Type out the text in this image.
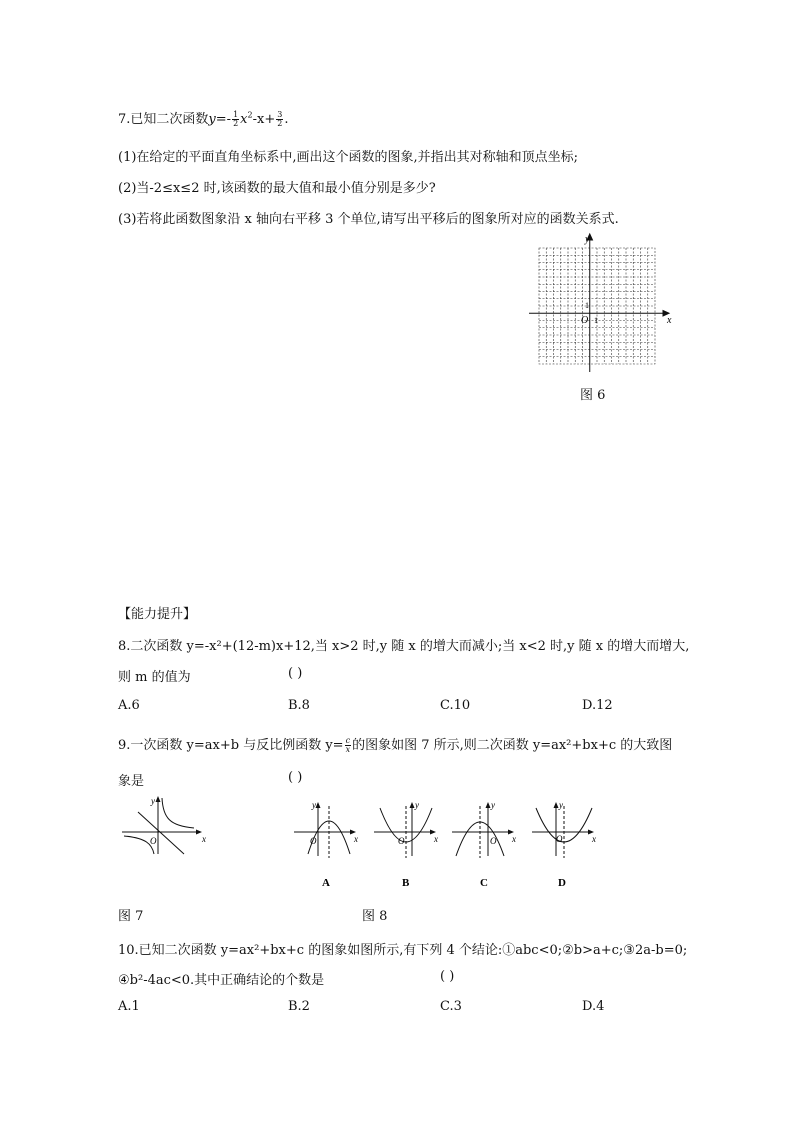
7.已知二次函数$y=- \frac{1}{2} x^2-x+ \frac{3}{2}$ .
(1)在给定的平面直角坐标系中,画出这个函数的图象,并指出其对称轴和顶点坐标;
(2)当-2≤x≤2 时,该函数的最大值和最小值分别是多少?
(3)若将此函数图象沿 x 轴向右平移 3 个单位,请写出平移后的图象所对应的函数关系式.
x
y
O 1
1
图 6
【能力提升】
8.二次函数 y=-x²+(12-m)x+12,当 x>2 时,y 随 x 的增大而减小;当 x<2 时,y 随 x 的增大而增大,
则 m 的值为	( )
A.6	B.8	C.10	D.12
9.一次函数 y=ax+b 与反比例函数 $y= \frac{c}{x}$ 的图象如图 7 所示,则二次函数 y=ax²+bx+c 的大致图
象是	( )
x
y
O	x
y
O
A
x
y
O
B
x
y
O
C
x
y
O
D
图 7	图 8
10.已知二次函数 y=ax²+bx+c 的图象如图所示,有下列 4 个结论:①abc<0;②b>a+c;③2a-b=0;
④b²-4ac<0.其中正确结论的个数是	( )
A.1	B.2	C.3	D.4
